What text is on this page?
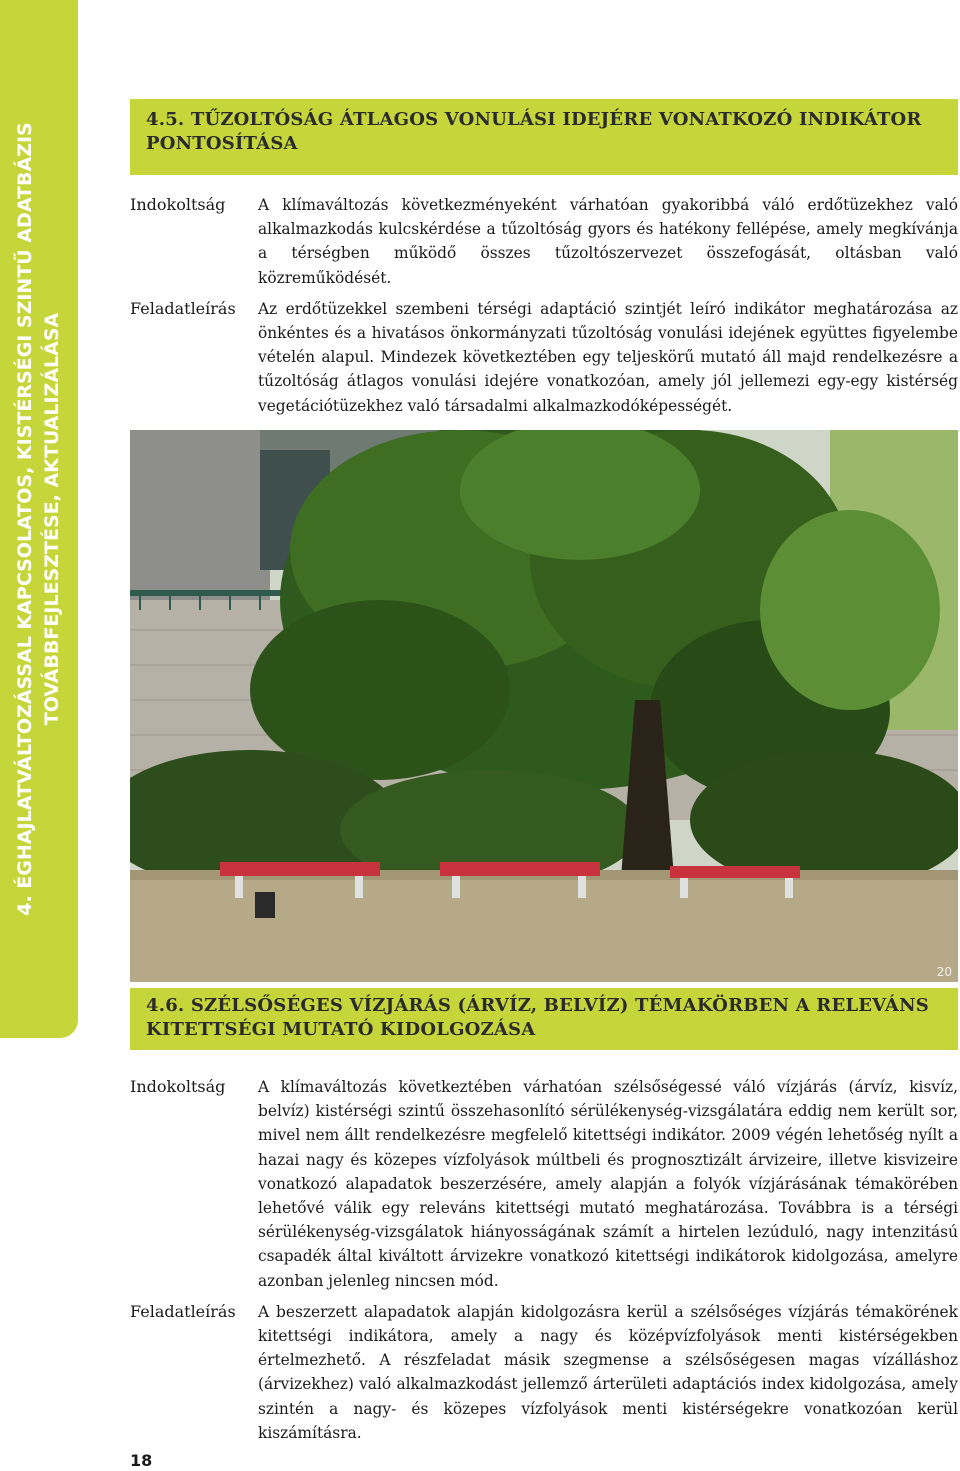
4. ÉGHAJLATVÁLTOZÁSSAL KAPCSOLATOS, KISTÉRSÉGI SZINTŰ ADATBÁZIS TOVÁBBFEJLESZTÉSE, AKTUALIZÁLÁSA
4.5. TŰZOLTÓSÁG ÁTLAGOS VONULÁSI IDEJÉRE VONATKOZÓ INDIKÁTOR PONTOSÍTÁSA
Indokoltság	A klímaváltozás következményeként várhatóan gyakoribbá váló erdőtüzekhez való alkalmazkodás kulcskérdése a tűzoltóság gyors és hatékony fellépése, amely megkívánja a térségben működő összes tűzoltószervezet összefogását, oltásban való közreműködését.
Feladatleírás	Az erdőtüzekkel szembeni térségi adaptáció szintjét leíró indikátor meghatározása az önkéntes és a hivatásos önkormányzati tűzoltóság vonulási idejének együttes figyelembe vételén alapul. Mindezek következtében egy teljeskörű mutató áll majd rendelkezésre a tűzoltóság átlagos vonulási idejére vonatkozóan, amely jól jellemezi egy-egy kistérség vegetációtüzekhez való társadalmi alkalmazkodóképességét.
20
4.6. SZÉLSŐSÉGES VÍZJÁRÁS (ÁRVÍZ, BELVÍZ) TÉMAKÖRBEN A RELEVÁNS KITETTSÉGI MUTATÓ KIDOLGOZÁSA
Indokoltság	A klímaváltozás következtében várhatóan szélsőségessé váló vízjárás (árvíz, kisvíz, belvíz) kistérségi szintű összehasonlító sérülékenység-vizsgálatára eddig nem került sor, mivel nem állt rendelkezésre megfelelő kitettségi indikátor. 2009 végén lehetőség nyílt a hazai nagy és közepes vízfolyások múltbeli és prognosztizált árvizeire, illetve kisvizeire vonatkozó alapadatok beszerzésére, amely alapján a folyók vízjárásának témakörében lehetővé válik egy releváns kitettségi mutató meghatározása. Továbbra is a térségi sérülékenység-vizsgálatok hiányosságának számít a hirtelen lezúduló, nagy intenzitású csapadék által kiváltott árvizekre vonatkozó kitettségi indikátorok kidolgozása, amelyre azonban jelenleg nincsen mód.
Feladatleírás	A beszerzett alapadatok alapján kidolgozásra kerül a szélsőséges vízjárás témakörének kitettségi indikátora, amely a nagy és középvízfolyások menti kistérségekben értelmezhető. A részfeladat másik szegmense a szélsőségesen magas vízálláshoz (árvizekhez) való alkalmazkodást jellemző árterületi adaptációs index kidolgozása, amely szintén a nagy- és közepes vízfolyások menti kistérségekre vonatkozóan kerül kiszámításra.
18
